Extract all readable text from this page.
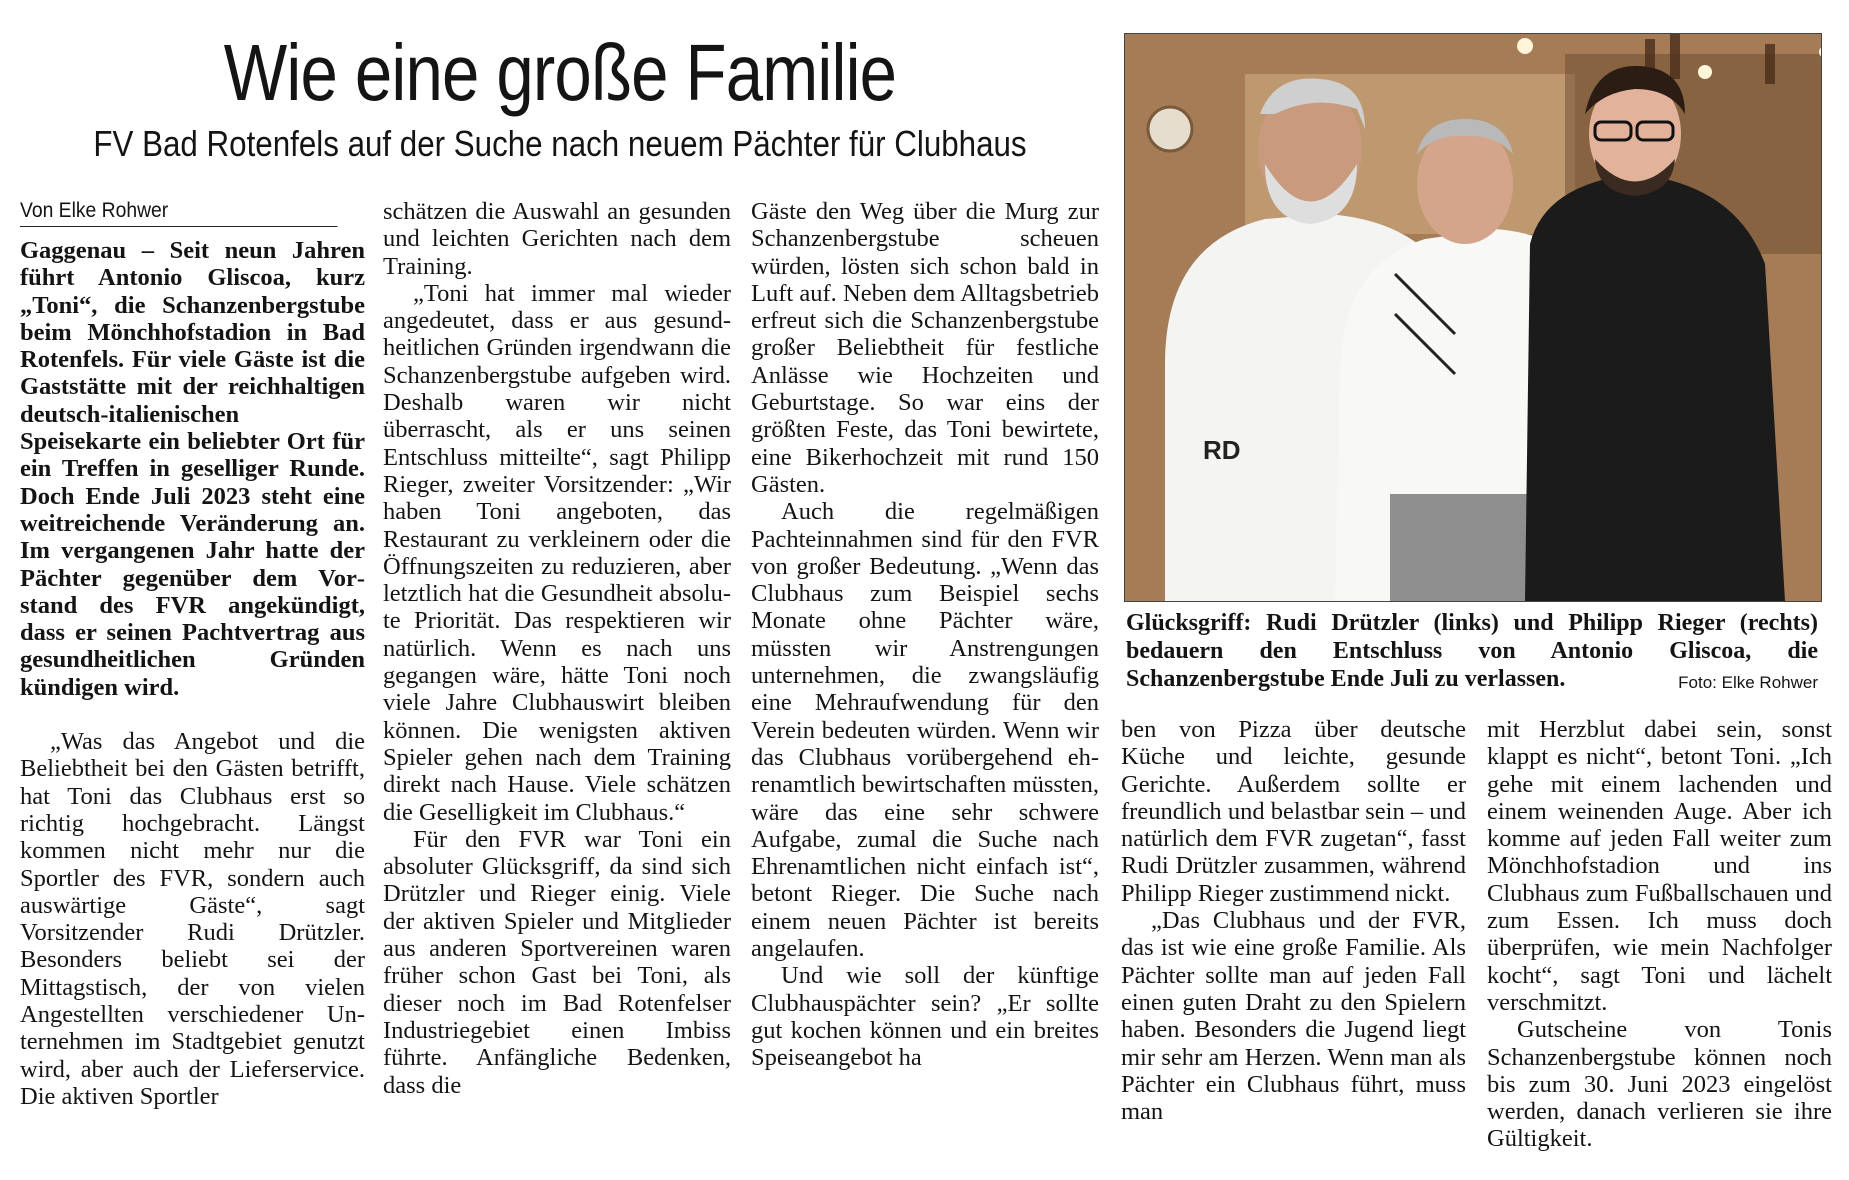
Wie eine große Familie
FV Bad Rotenfels auf der Suche nach neuem Pächter für Clubhaus
Von Elke Rohwer

Gaggenau – Seit neun Jahren führt Antonio Gliscoa, kurz „Toni“, die Schanzenbergstube beim Mönchhofstadion in Bad Rotenfels. Für viele Gäste ist die Gaststätte mit der reichhaltigen deutsch-italienischen Speisekarte ein beliebter Ort für ein Treffen in geselliger Runde. Doch Ende Juli 2023 steht eine weitreichende Veränderung an. Im vergangenen Jahr hatte der Pächter gegenüber dem Vorstand des FVR angekündigt, dass er seinen Pachtvertrag aus gesundheitlichen Gründen kündigen wird.

„Was das Angebot und die Beliebtheit bei den Gästen betrifft, hat Toni das Clubhaus erst so richtig hochgebracht. Längst kommen nicht mehr nur die Sportler des FVR, sondern auch auswärtige Gäste“, sagt Vorsitzender Rudi Drützler. Besonders beliebt sei der Mittagstisch, der von vielen Angestellten verschiedener Unternehmen im Stadtgebiet genutzt wird, aber auch der Lieferservice. Die aktiven Sportler

schätzen die Auswahl an gesunden und leichten Gerichten nach dem Training.

„Toni hat immer mal wieder angedeutet, dass er aus gesundheitlichen Gründen irgendwann die Schanzenbergstube aufgeben wird. Deshalb waren wir nicht überrascht, als er uns seinen Entschluss mitteilte“, sagt Philipp Rieger, zweiter Vorsitzender: „Wir haben Toni angeboten, das Restaurant zu verkleinern oder die Öffnungszeiten zu reduzieren, aber letztlich hat die Gesundheit absolute Priorität. Das respektieren wir natürlich. Wenn es nach uns gegangen wäre, hätte Toni noch viele Jahre Clubhauswirt bleiben können. Die wenigsten aktiven Spieler gehen nach dem Training direkt nach Hause. Viele schätzen die Geselligkeit im Clubhaus.“

Für den FVR war Toni ein absoluter Glücksgriff, da sind sich Drützler und Rieger einig. Viele der aktiven Spieler und Mitglieder aus anderen Sportvereinen waren früher schon Gast bei Toni, als dieser noch im Bad Rotenfelser Industriegebiet einen Imbiss führte. Anfängliche Bedenken, dass die

Gäste den Weg über die Murg zur Schanzenbergstube scheuen würden, lösten sich schon bald in Luft auf. Neben dem Alltagsbetrieb erfreut sich die Schanzenbergstube großer Beliebtheit für festliche Anlässe wie Hochzeiten und Geburtstage. So war eins der größten Feste, das Toni bewirtete, eine Bikerhochzeit mit rund 150 Gästen.

Auch die regelmäßigen Pachteinnahmen sind für den FVR von großer Bedeutung. „Wenn das Clubhaus zum Beispiel sechs Monate ohne Pächter wäre, müssten wir Anstrengungen unternehmen, die zwangsläufig eine Mehraufwendung für den Verein bedeuten würden. Wenn wir das Clubhaus vorübergehend ehrenamtlich bewirtschaften müssten, wäre das eine sehr schwere Aufgabe, zumal die Suche nach Ehrenamtlichen nicht einfach ist“, betont Rieger. Die Suche nach einem neuen Pächter ist bereits angelaufen.

Und wie soll der künftige Clubhauspächter sein? „Er sollte gut kochen können und ein breites Speiseangebot ha

RD
Glücksgriff: Rudi Drützler (links) und Philipp Rieger (rechts) bedauern den Entschluss von Antonio Gliscoa, die Schanzenbergstube Ende Juli zu verlassen.	Foto: Elke Rohwer

ben von Pizza über deutsche Küche und leichte, gesunde Gerichte. Außerdem sollte er freundlich und belastbar sein – und natürlich dem FVR zugetan“, fasst Rudi Drützler zusammen, während Philipp Rieger zustimmend nickt.

„Das Clubhaus und der FVR, das ist wie eine große Familie. Als Pächter sollte man auf jeden Fall einen guten Draht zu den Spielern haben. Besonders die Jugend liegt mir sehr am Herzen. Wenn man als Pächter ein Clubhaus führt, muss man

mit Herzblut dabei sein, sonst klappt es nicht“, betont Toni. „Ich gehe mit einem lachenden und einem weinenden Auge. Aber ich komme auf jeden Fall weiter zum Mönchhofstadion und ins Clubhaus zum Fußballschauen und zum Essen. Ich muss doch überprüfen, wie mein Nachfolger kocht“, sagt Toni und lächelt verschmitzt.

Gutscheine von Tonis Schanzenbergstube können noch bis zum 30. Juni 2023 eingelöst werden, danach verlieren sie ihre Gültigkeit.
